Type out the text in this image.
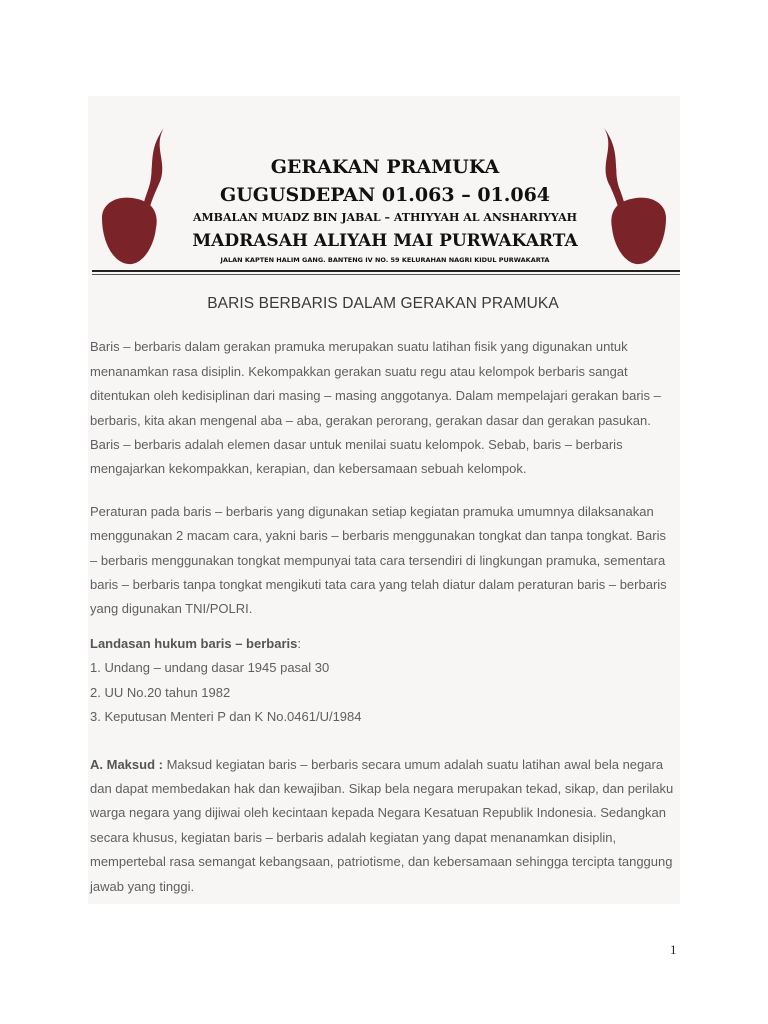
GERAKAN PRAMUKA
GUGUSDEPAN 01.063 – 01.064
AMBALAN MUADZ BIN JABAL – ATHIYYAH AL ANSHARIYYAH
MADRASAH ALIYAH MAI PURWAKARTA
JALAN KAPTEN HALIM GANG. BANTENG IV NO. 59 KELURAHAN NAGRI KIDUL PURWAKARTA
BARIS BERBARIS DALAM GERAKAN PRAMUKA

Baris – berbaris dalam gerakan pramuka merupakan suatu latihan fisik yang digunakan untuk menanamkan rasa disiplin. Kekompakkan gerakan suatu regu atau kelompok berbaris sangat ditentukan oleh kedisiplinan dari masing – masing anggotanya. Dalam mempelajari gerakan baris – berbaris, kita akan mengenal aba – aba, gerakan perorang, gerakan dasar dan gerakan pasukan. Baris – berbaris adalah elemen dasar untuk menilai suatu kelompok. Sebab, baris – berbaris mengajarkan kekompakkan, kerapian, dan kebersamaan sebuah kelompok.

Peraturan pada baris – berbaris yang digunakan setiap kegiatan pramuka umumnya dilaksanakan menggunakan 2 macam cara, yakni baris – berbaris menggunakan tongkat dan tanpa tongkat. Baris – berbaris menggunakan tongkat mempunyai tata cara tersendiri di lingkungan pramuka, sementara baris – berbaris tanpa tongkat mengikuti tata cara yang telah diatur dalam peraturan baris – berbaris yang digunakan TNI/POLRI.

Landasan hukum baris – berbaris:
1. Undang – undang dasar 1945 pasal 30
2. UU No.20 tahun 1982
3. Keputusan Menteri P dan K No.0461/U/1984

A. Maksud : Maksud kegiatan baris – berbaris secara umum adalah suatu latihan awal bela negara dan dapat membedakan hak dan kewajiban. Sikap bela negara merupakan tekad, sikap, dan perilaku warga negara yang dijiwai oleh kecintaan kepada Negara Kesatuan Republik Indonesia. Sedangkan secara khusus, kegiatan baris – berbaris adalah kegiatan yang dapat menanamkan disiplin, mempertebal rasa semangat kebangsaan, patriotisme, dan kebersamaan sehingga tercipta tanggung jawab yang tinggi.

1
